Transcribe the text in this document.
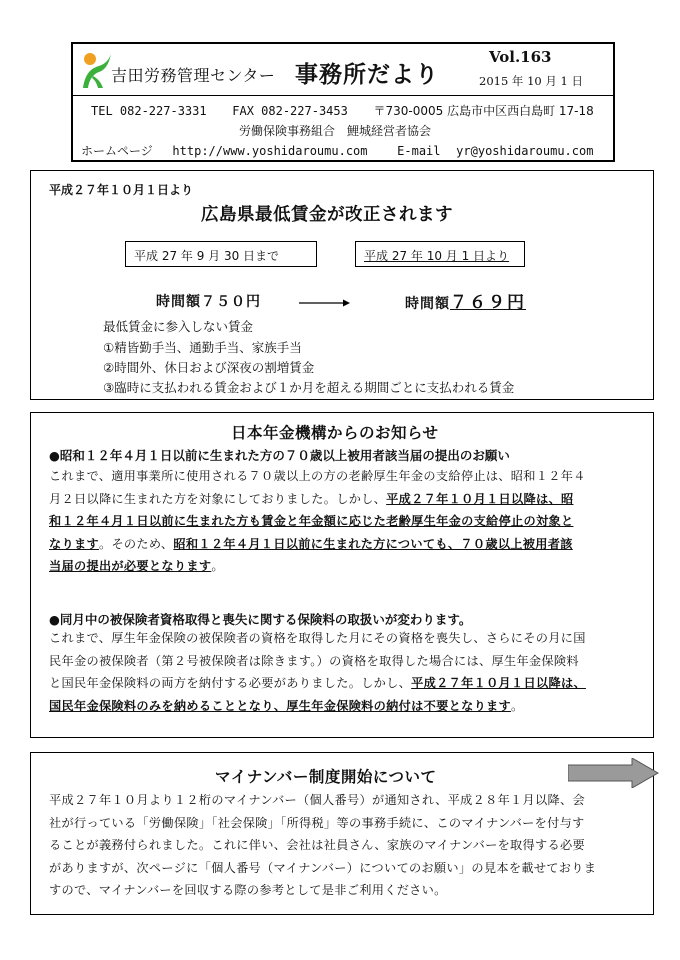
吉田労務管理センター 事務所だより
Vol.163
2015 年 10 月 1 日
TEL 082-227-3331 FAX 082-227-3453 〒730-0005 広島市中区西白島町 17-18
労働保険事務組合　鯉城経営者協会
ホームページ http://www.yoshidaroumu.com E-mail yr@yoshidaroumu.com
平成２７年１０月１日より
広島県最低賃金が改正されます
平成 27 年 9 月 30 日まで	平成 27 年 10 月 1 日より
時間額７５０円	時間額７６９円
最低賃金に参入しない賃金
①精皆勤手当、通勤手当、家族手当
②時間外、休日および深夜の割増賃金
③臨時に支払われる賃金および１か月を超える期間ごとに支払われる賃金
日本年金機構からのお知らせ
●昭和１２年４月１日以前に生まれた方の７０歳以上被用者該当届の提出のお願い
これまで、適用事業所に使用される７０歳以上の方の老齢厚生年金の支給停止は、昭和１２年４
月２日以降に生まれた方を対象にしておりました。しかし、平成２７年１０月１日以降は、昭
和１２年４月１日以前に生まれた方も賃金と年金額に応じた老齢厚生年金の支給停止の対象と
なります。そのため、昭和１２年４月１日以前に生まれた方についても、７０歳以上被用者該
当届の提出が必要となります。
●同月中の被保険者資格取得と喪失に関する保険料の取扱いが変わります。
これまで、厚生年金保険の被保険者の資格を取得した月にその資格を喪失し、さらにその月に国
民年金の被保険者（第２号被保険者は除きます。）の資格を取得した場合には、厚生年金保険料
と国民年金保険料の両方を納付する必要がありました。しかし、平成２７年１０月１日以降は、
国民年金保険料のみを納めることとなり、厚生年金保険料の納付は不要となります。
マイナンバー制度開始について
平成２７年１０月より１２桁のマイナンバー（個人番号）が通知され、平成２８年１月以降、会
社が行っている「労働保険」「社会保険」「所得税」等の事務手続に、このマイナンバーを付与す
ることが義務付られました。これに伴い、会社は社員さん、家族のマイナンバーを取得する必要
がありますが、次ページに「個人番号（マイナンバー）についてのお願い」の見本を載せておりま
すので、マイナンバーを回収する際の参考として是非ご利用ください。
